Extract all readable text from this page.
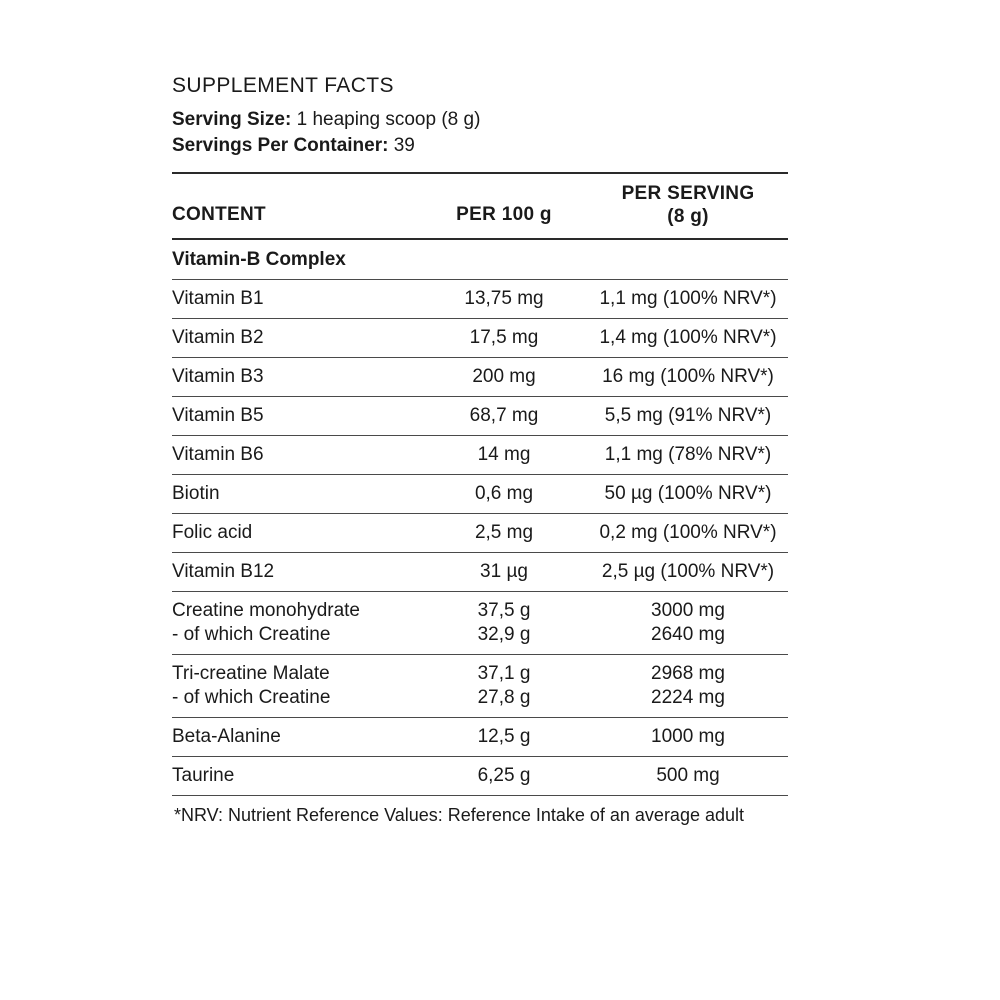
SUPPLEMENT FACTS
Serving Size: 1 heaping scoop (8 g)
Servings Per Container: 39
CONTENT	PER 100 g	PER SERVING
(8 g)
Vitamin-B Complex		
Vitamin B1	13,75 mg	1,1 mg (100% NRV*)
Vitamin B2	17,5 mg	1,4 mg (100% NRV*)
Vitamin B3	200 mg	16 mg (100% NRV*)
Vitamin B5	68,7 mg	5,5 mg (91% NRV*)
Vitamin B6	14 mg	1,1 mg (78% NRV*)
Biotin	0,6 mg	50 µg (100% NRV*)
Folic acid	2,5 mg	0,2 mg (100% NRV*)
Vitamin B12	31 µg	2,5 µg (100% NRV*)
Creatine monohydrate	37,5 g	3000 mg
- of which Creatine	32,9 g	2640 mg
Tri-creatine Malate	37,1 g	2968 mg
- of which Creatine	27,8 g	2224 mg
Beta-Alanine	12,5 g	1000 mg
Taurine	6,25 g	500 mg
*NRV: Nutrient Reference Values: Reference Intake of an average adult
